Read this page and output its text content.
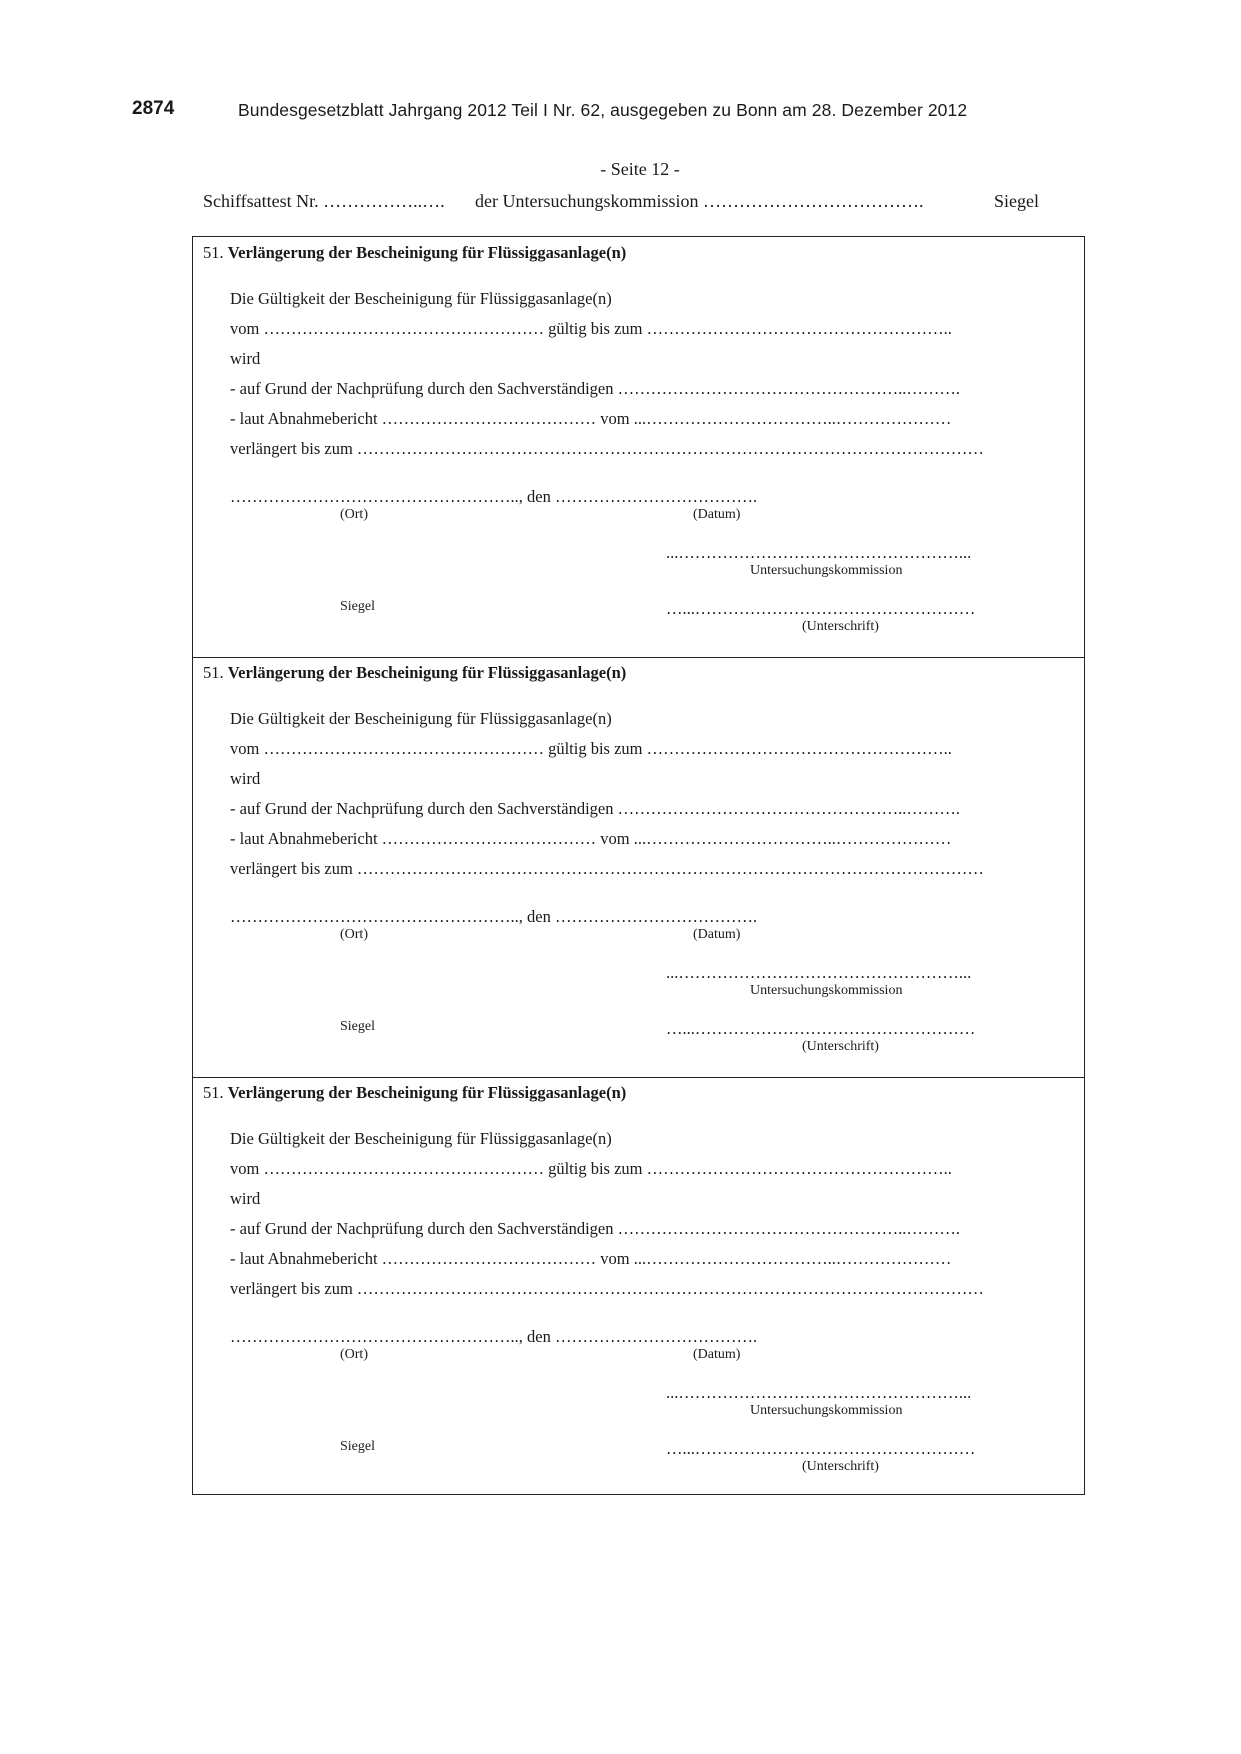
2874	Bundesgesetzblatt Jahrgang 2012 Teil I Nr. 62, ausgegeben zu Bonn am 28. Dezember 2012
- Seite 12 -
Schiffsattest Nr. ……………..…. der Untersuchungskommission ……………………………….	Siegel
51. Verlängerung der Bescheinigung für Flüssiggasanlage(n)
Die Gültigkeit der Bescheinigung für Flüssiggasanlage(n)
vom …………………………………………… gültig bis zum ………………………………………………..
wird
- auf Grund der Nachprüfung durch den Sachverständigen ……………………………………………..……….
- laut Abnahmebericht ………………………………… vom ...……………………………..…………………
verlängert bis zum ……………………………………………………………………………………………………
…………………………………………….., den ……………………………….
(Ort)	(Datum)
...……………………………………………...
Untersuchungskommission
Siegel	…...……………………………………………
(Unterschrift)
51. Verlängerung der Bescheinigung für Flüssiggasanlage(n)
Die Gültigkeit der Bescheinigung für Flüssiggasanlage(n)
vom …………………………………………… gültig bis zum ………………………………………………..
wird
- auf Grund der Nachprüfung durch den Sachverständigen ……………………………………………..……….
- laut Abnahmebericht ………………………………… vom ...……………………………..…………………
verlängert bis zum ……………………………………………………………………………………………………
…………………………………………….., den ……………………………….
(Ort)	(Datum)
...……………………………………………...
Untersuchungskommission
Siegel	…...……………………………………………
(Unterschrift)
51. Verlängerung der Bescheinigung für Flüssiggasanlage(n)
Die Gültigkeit der Bescheinigung für Flüssiggasanlage(n)
vom …………………………………………… gültig bis zum ………………………………………………..
wird
- auf Grund der Nachprüfung durch den Sachverständigen ……………………………………………..……….
- laut Abnahmebericht ………………………………… vom ...……………………………..…………………
verlängert bis zum ……………………………………………………………………………………………………
…………………………………………….., den ……………………………….
(Ort)	(Datum)
...……………………………………………...
Untersuchungskommission
Siegel	…...……………………………………………
(Unterschrift)
